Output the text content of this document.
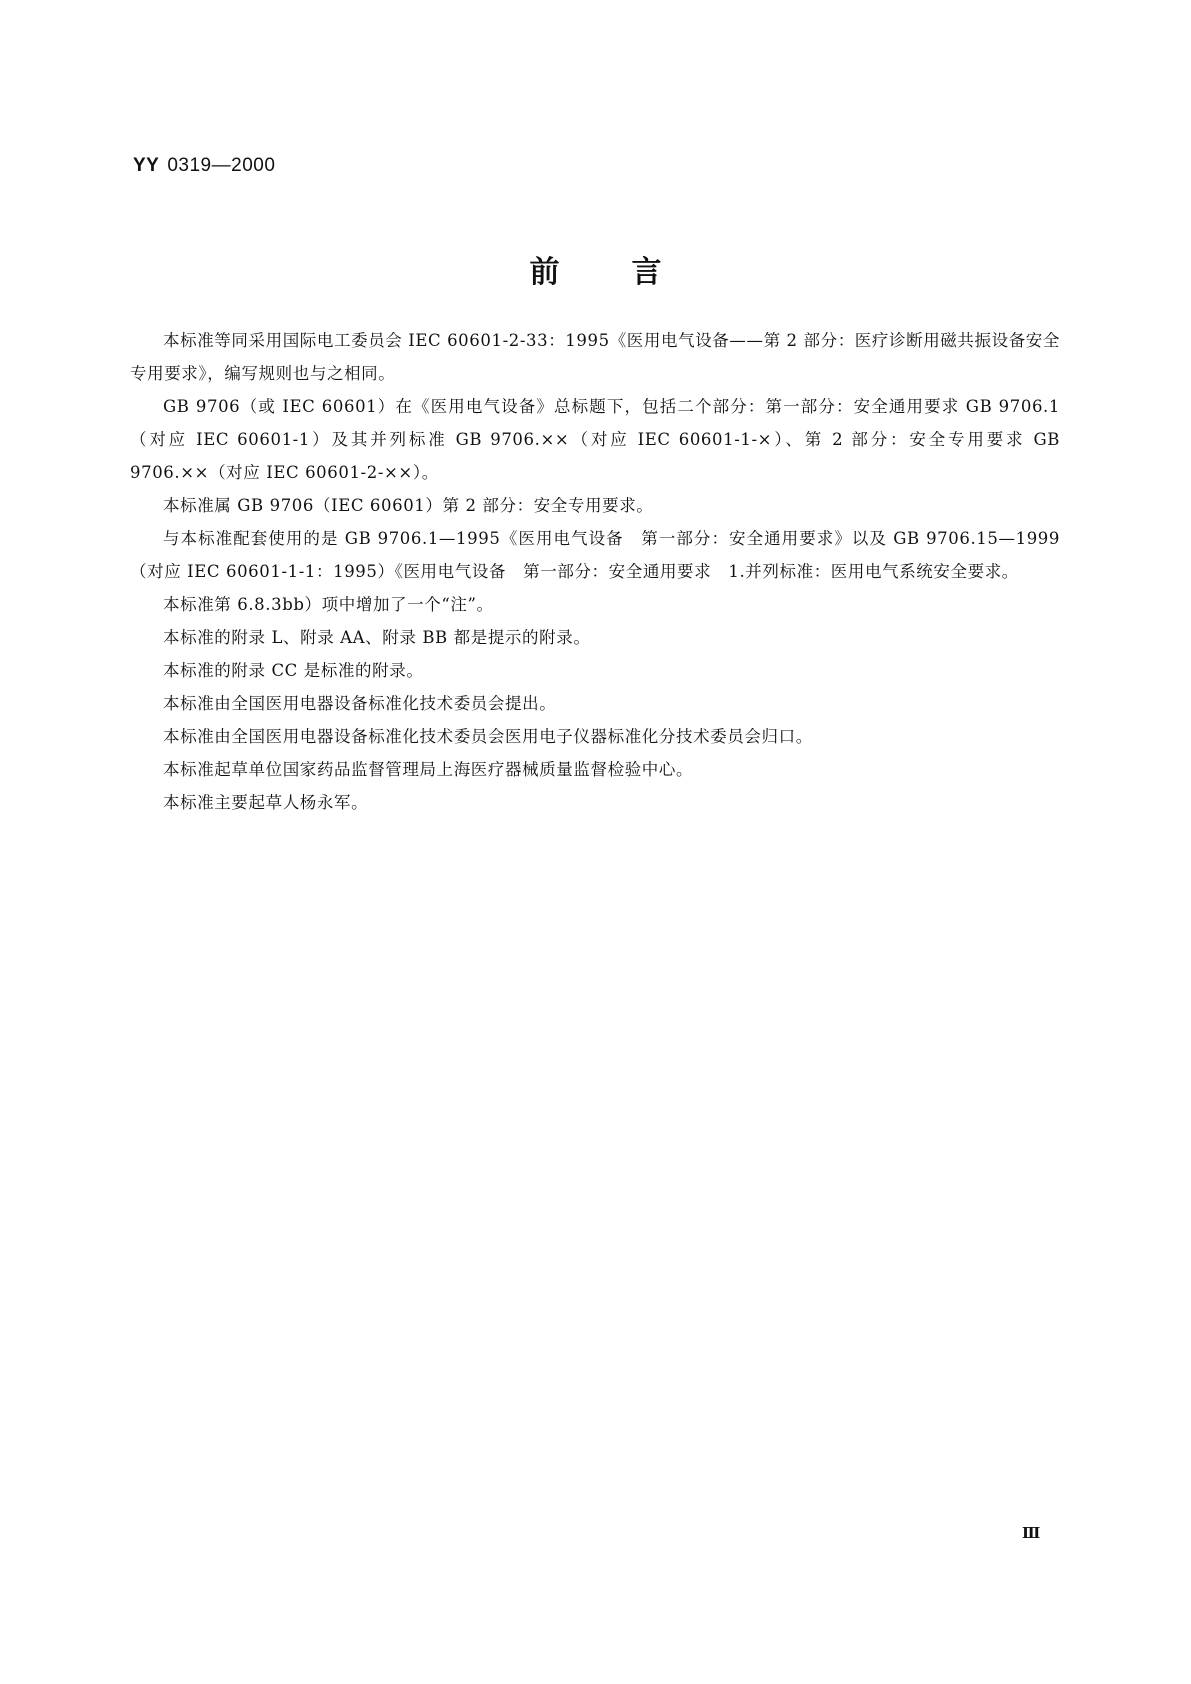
YY 0319—2000
前言

本标准等同采用国际电工委员会 IEC 60601-2-33：1995《医用电气设备——第 2 部分：医疗诊断用磁共振设备安全专用要求》，编写规则也与之相同。

GB 9706（或 IEC 60601）在《医用电气设备》总标题下，包括二个部分：第一部分：安全通用要求 GB 9706.1（对应 IEC 60601-1）及其并列标准 GB 9706.××（对应 IEC 60601-1-×）、第 2 部分：安全专用要求 GB 9706.××（对应 IEC 60601-2-××）。

本标准属 GB 9706（IEC 60601）第 2 部分：安全专用要求。

与本标准配套使用的是 GB 9706.1—1995《医用电气设备　第一部分：安全通用要求》以及 GB 9706.15—1999（对应 IEC 60601-1-1：1995）《医用电气设备　第一部分：安全通用要求　1.并列标准：医用电气系统安全要求。

本标准第 6.8.3bb）项中增加了一个“注”。

本标准的附录 L、附录 AA、附录 BB 都是提示的附录。

本标准的附录 CC 是标准的附录。

本标准由全国医用电器设备标准化技术委员会提出。

本标准由全国医用电器设备标准化技术委员会医用电子仪器标准化分技术委员会归口。

本标准起草单位国家药品监督管理局上海医疗器械质量监督检验中心。

本标准主要起草人杨永军。

Ⅲ
